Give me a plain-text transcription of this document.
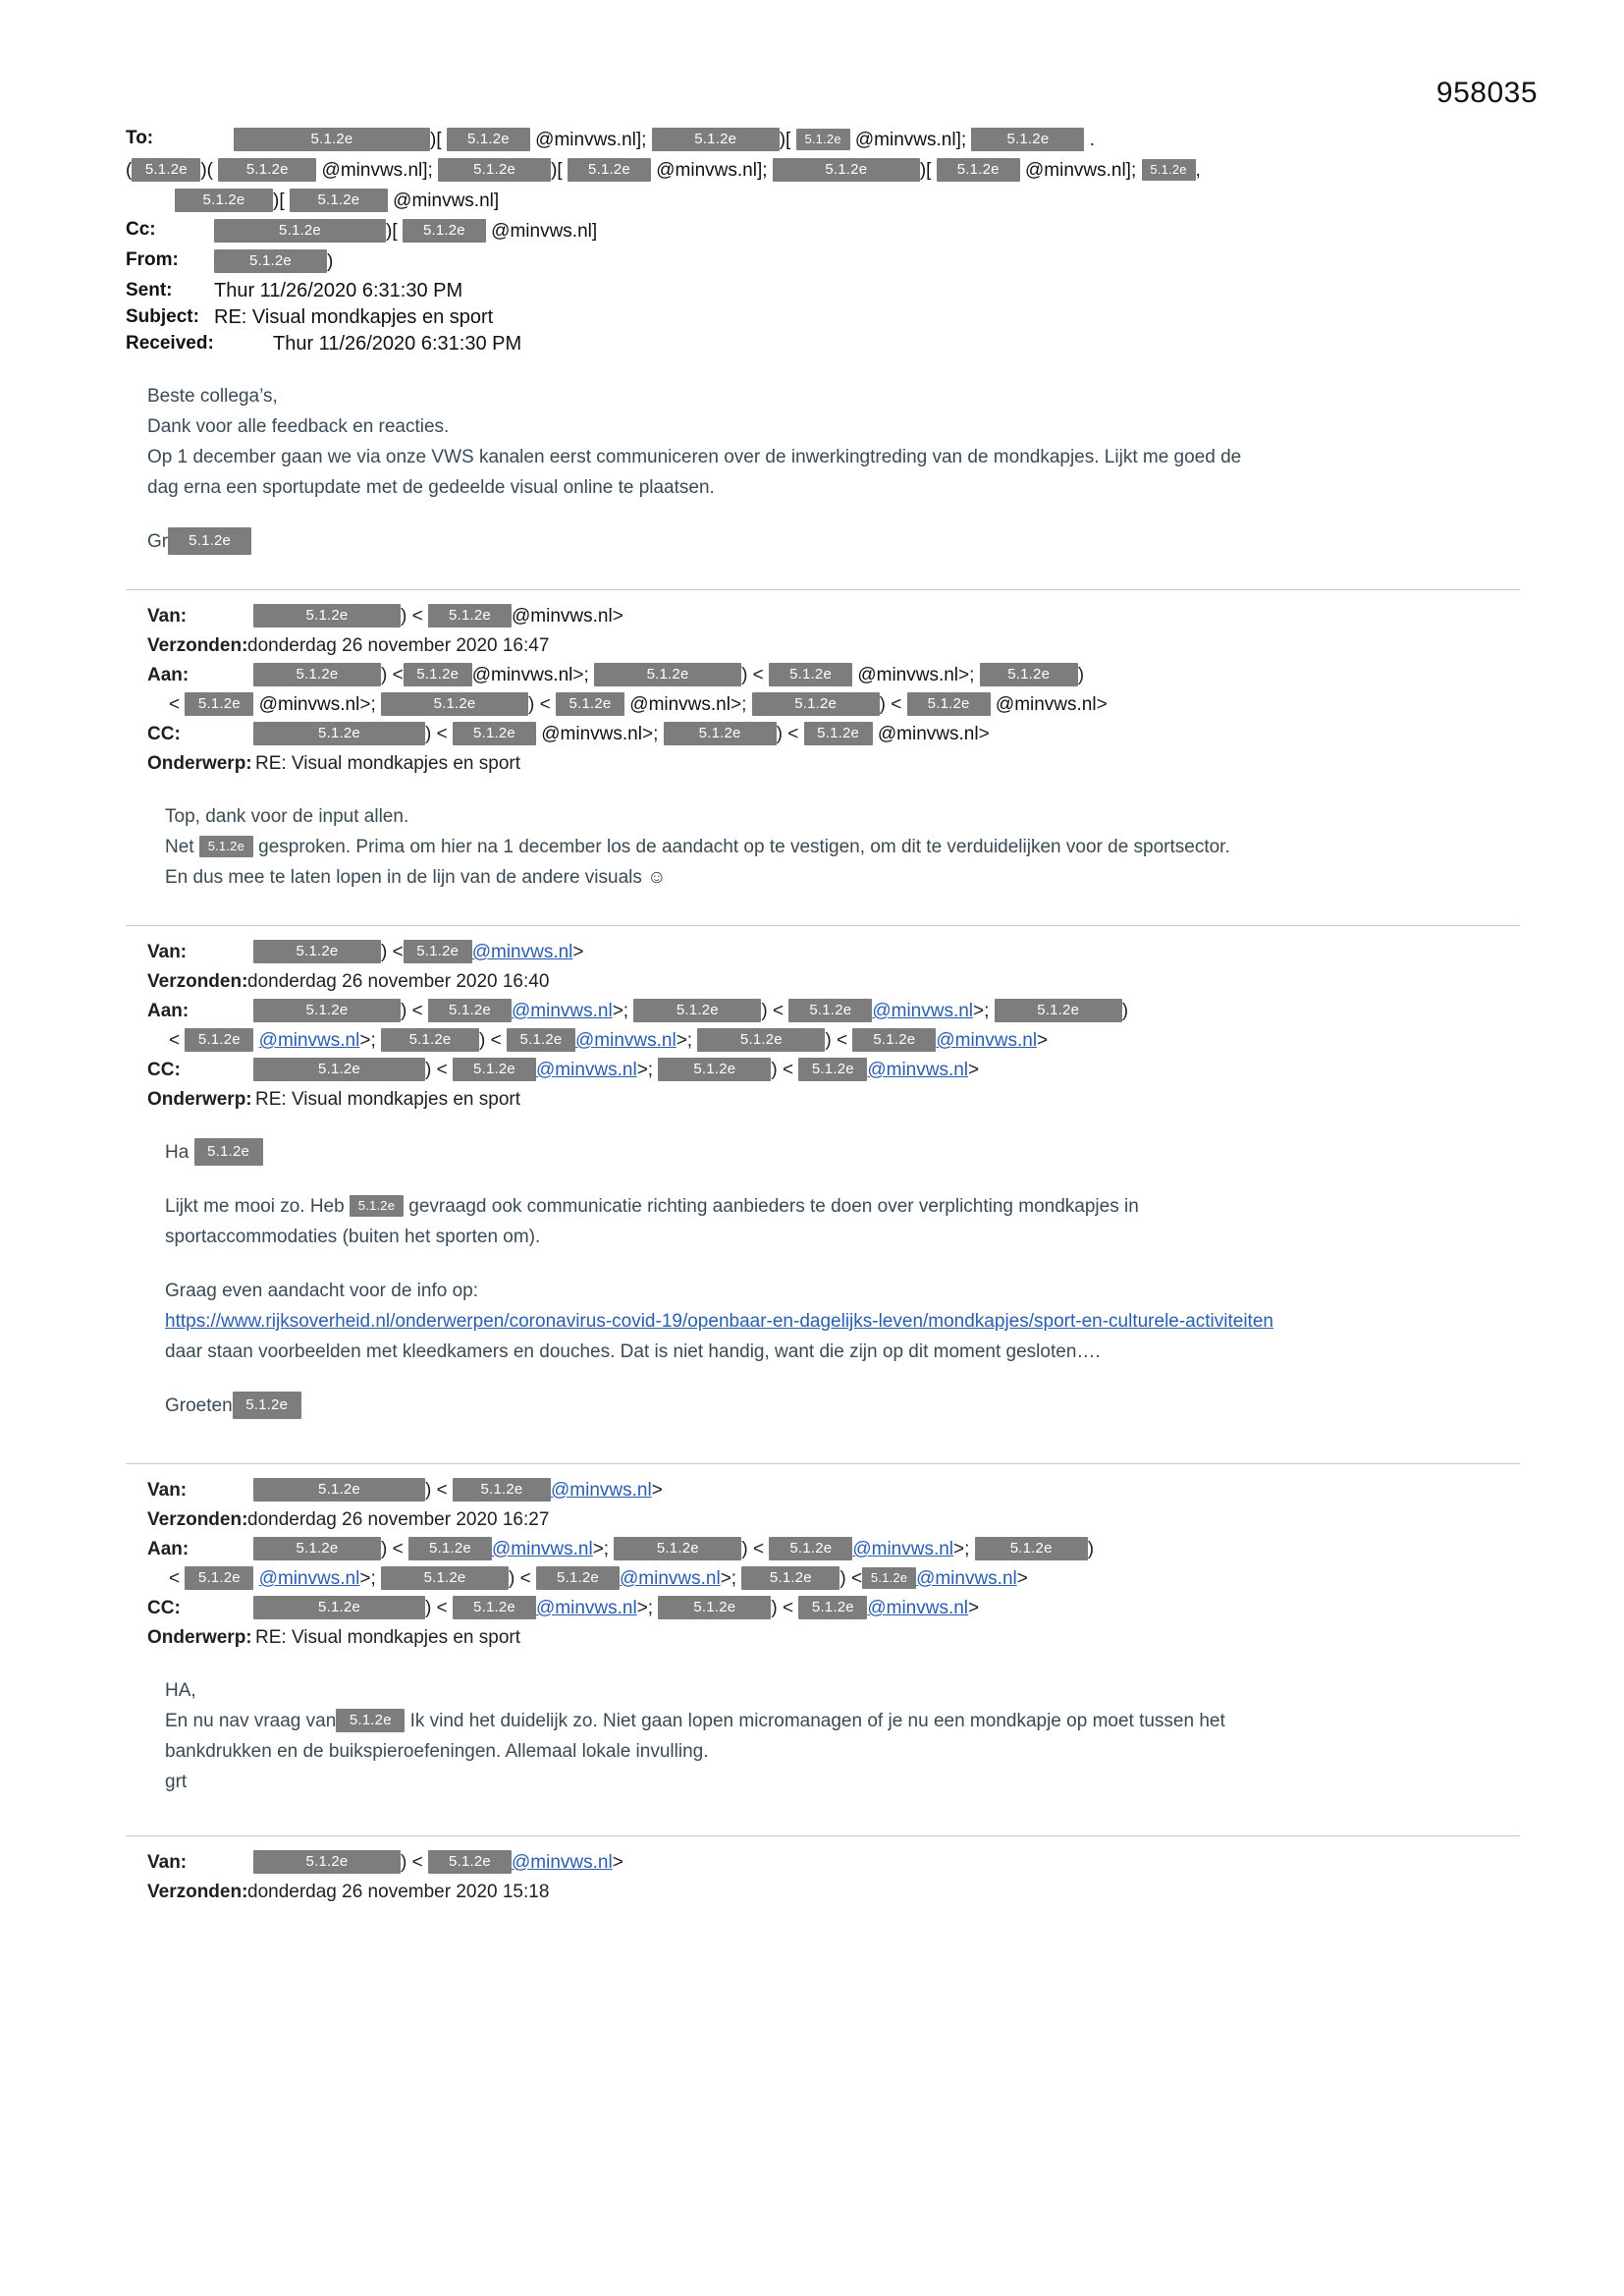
958035
To:	5.1.2e	)[ 5.1.2e @minvws.nl];	5.1.2e )[ 5.1.2e @minvws.nl]; 5.1.2e .

( 5.1.2e )( 5.1.2e @minvws.nl]; 5.1.2e )[ 5.1.2e @minvws.nl];	5.1.2e	)[ 5.1.2e @minvws.nl]; 5.1.2e ,

5.1.2e )[ 5.1.2e @minvws.nl]
Cc:	5.1.2e	)[ 5.1.2e @minvws.nl]
From:	5.1.2e )
Sent:	Thur 11/26/2020 6:31:30 PM
Subject: RE: Visual mondkapjes en sport
Received:	Thur 11/26/2020 6:31:30 PM

Beste collega’s,

Dank voor alle feedback en reacties.

Op 1 december gaan we via onze VWS kanalen eerst communiceren over de inwerkingtreding van de mondkapjes. Lijkt me goed de

dag erna een sportupdate met de gedeelde visual online te plaatsen.

Gr 5.1.2e

Van:	5.1.2e	) < 5.1.2e @minvws.nl>
Verzonden: donderdag 26 november 2020 16:47
Aan:	5.1.2e ) < 5.1.2e @minvws.nl>;	5.1.2e	) < 5.1.2e @minvws.nl>; 5.1.2e )

< 5.1.2e @minvws.nl>;	5.1.2e	) < 5.1.2e @minvws.nl>;	5.1.2e ) < 5.1.2e @minvws.nl>
CC:	5.1.2e	) < 5.1.2e @minvws.nl>; 5.1.2e ) < 5.1.2e @minvws.nl>
Onderwerp: RE: Visual mondkapjes en sport

Top, dank voor de input allen.

Net 5.1.2e gesproken. Prima om hier na 1 december los de aandacht op te vestigen, om dit te verduidelijken voor de sportsector.

En dus mee te laten lopen in de lijn van de andere visuals ☺

Van:	5.1.2e ) < 5.1.2e @minvws.nl>
Verzonden: donderdag 26 november 2020 16:40
Aan:	5.1.2e	) < 5.1.2e @minvws.nl>;	5.1.2e ) < 5.1.2e @minvws.nl>;	5.1.2e )

< 5.1.2e @minvws.nl>; 5.1.2e ) < 5.1.2e @minvws.nl>;	5.1.2e ) < 5.1.2e @minvws.nl>
CC:	5.1.2e	) < 5.1.2e @minvws.nl>; 5.1.2e ) < 5.1.2e @minvws.nl>
Onderwerp: RE: Visual mondkapjes en sport

Ha 5.1.2e

Lijkt me mooi zo. Heb 5.1.2e gevraagd ook communicatie richting aanbieders te doen over verplichting mondkapjes in

sportaccommodaties (buiten het sporten om).

Graag even aandacht voor de info op:

https://www.rijksoverheid.nl/onderwerpen/coronavirus-covid-19/openbaar-en-dagelijks-leven/mondkapjes/sport-en-culturele-activiteiten

daar staan voorbeelden met kleedkamers en douches. Dat is niet handig, want die zijn op dit moment gesloten….

Groeten 5.1.2e

Van:	5.1.2e	) < 5.1.2e @minvws.nl>
Verzonden: donderdag 26 november 2020 16:27
Aan:	5.1.2e ) < 5.1.2e @minvws.nl>;	5.1.2e ) < 5.1.2e @minvws.nl>; 5.1.2e )

< 5.1.2e @minvws.nl>;	5.1.2e ) < 5.1.2e @minvws.nl>; 5.1.2e ) < 5.1.2e @minvws.nl>
CC:	5.1.2e	) < 5.1.2e @minvws.nl>; 5.1.2e ) < 5.1.2e @minvws.nl>
Onderwerp: RE: Visual mondkapjes en sport

HA,

En nu nav vraag van 5.1.2e Ik vind het duidelijk zo. Niet gaan lopen micromanagen of je nu een mondkapje op moet tussen het

bankdrukken en de buikspieroefeningen. Allemaal lokale invulling.

grt

Van:	5.1.2e	) < 5.1.2e @minvws.nl>
Verzonden: donderdag 26 november 2020 15:18
